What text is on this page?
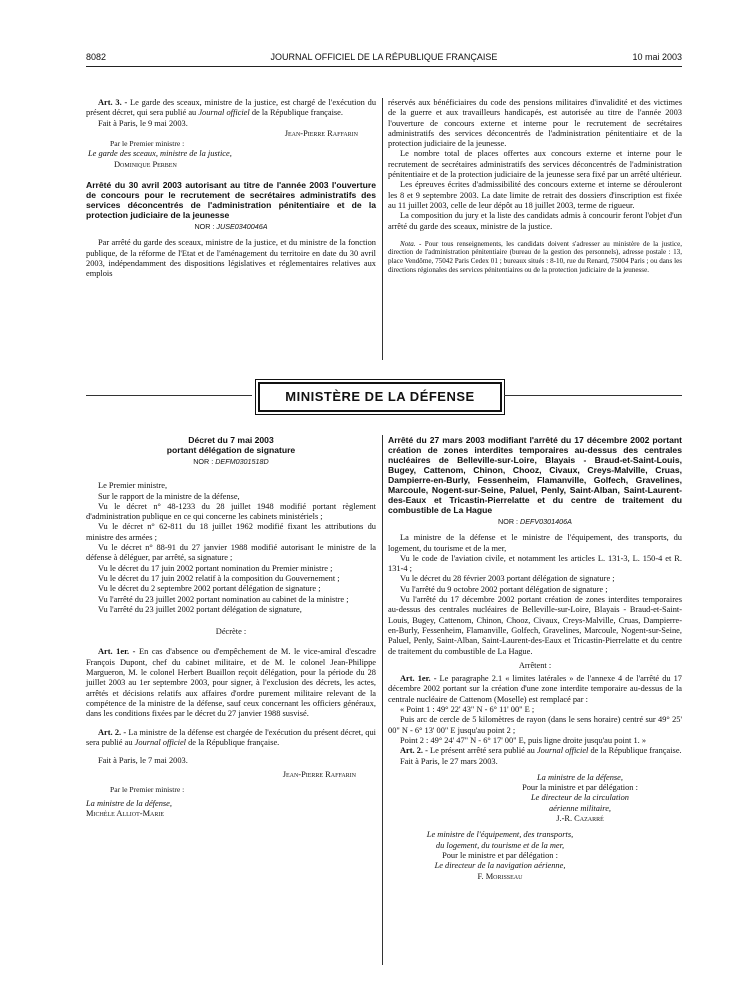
8082	JOURNAL OFFICIEL DE LA RÉPUBLIQUE FRANÇAISE	10 mai 2003

Art. 3. - Le garde des sceaux, ministre de la justice, est chargé de l'exécution du présent décret, qui sera publié au Journal officiel de la République française.

Fait à Paris, le 9 mai 2003.

Jean-Pierre Raffarin

Par le Premier ministre :

Le garde des sceaux, ministre de la justice,

Dominique Perben

Arrêté du 30 avril 2003 autorisant au titre de l'année 2003 l'ouverture de concours pour le recrutement de secrétaires administratifs des services déconcentrés de l'administration pénitentiaire et de la protection judiciaire de la jeunesse
NOR : JUSE0340046A

Par arrêté du garde des sceaux, ministre de la justice, et du ministre de la fonction publique, de la réforme de l'Etat et de l'aménagement du territoire en date du 30 avril 2003, indépendamment des dispositions législatives et réglementaires relatives aux emplois

réservés aux bénéficiaires du code des pensions militaires d'invalidité et des victimes de la guerre et aux travailleurs handicapés, est autorisée au titre de l'année 2003 l'ouverture de concours externe et interne pour le recrutement de secrétaires administratifs des services déconcentrés de l'administration pénitentiaire et de la protection judiciaire de la jeunesse.

Le nombre total de places offertes aux concours externe et interne pour le recrutement de secrétaires administratifs des services déconcentrés de l'administration pénitentiaire et de la protection judiciaire de la jeunesse sera fixé par un arrêté ultérieur.

Les épreuves écrites d'admissibilité des concours externe et interne se dérouleront les 8 et 9 septembre 2003. La date limite de retrait des dossiers d'inscription est fixée au 11 juillet 2003, celle de leur dépôt au 18 juillet 2003, terme de rigueur.

La composition du jury et la liste des candidats admis à concourir feront l'objet d'un arrêté du garde des sceaux, ministre de la justice.

Nota. - Pour tous renseignements, les candidats doivent s'adresser au ministère de la justice, direction de l'administration pénitentiaire (bureau de la gestion des personnels), adresse postale : 13, place Vendôme, 75042 Paris Cedex 01 ; bureaux situés : 8-10, rue du Renard, 75004 Paris ; ou dans les directions régionales des services pénitentiaires ou de la protection judiciaire de la jeunesse.

MINISTÈRE DE LA DÉFENSE
Décret du 7 mai 2003
portant délégation de signature
NOR : DEFM0301518D

Le Premier ministre,

Sur le rapport de la ministre de la défense,

Vu le décret n° 48-1233 du 28 juillet 1948 modifié portant règlement d'administration publique en ce qui concerne les cabinets ministériels ;

Vu le décret n° 62-811 du 18 juillet 1962 modifié fixant les attributions du ministre des armées ;

Vu le décret n° 88-91 du 27 janvier 1988 modifié autorisant le ministre de la défense à déléguer, par arrêté, sa signature ;

Vu le décret du 17 juin 2002 portant nomination du Premier ministre ;

Vu le décret du 17 juin 2002 relatif à la composition du Gouvernement ;

Vu le décret du 2 septembre 2002 portant délégation de signature ;

Vu l'arrêté du 23 juillet 2002 portant nomination au cabinet de la ministre ;

Vu l'arrêté du 23 juillet 2002 portant délégation de signature,

Décrète :

Art. 1er. - En cas d'absence ou d'empêchement de M. le vice-amiral d'escadre François Dupont, chef du cabinet militaire, et de M. le colonel Jean-Philippe Margueron, M. le colonel Herbert Buaillon reçoit délégation, pour la période du 28 juillet 2003 au 1er septembre 2003, pour signer, à l'exclusion des décrets, les actes, arrêtés et décisions relatifs aux affaires d'ordre purement militaire relevant de la compétence de la ministre de la défense, sauf ceux concernant les officiers généraux, dans les conditions fixées par le décret du 27 janvier 1988 susvisé.

Art. 2. - La ministre de la défense est chargée de l'exécution du présent décret, qui sera publié au Journal officiel de la République française.

Fait à Paris, le 7 mai 2003.

Jean-Pierre Raffarin

Par le Premier ministre :

La ministre de la défense,

Michèle Alliot-Marie

Arrêté du 27 mars 2003 modifiant l'arrêté du 17 décembre 2002 portant création de zones interdites temporaires au-dessus des centrales nucléaires de Belleville-sur-Loire, Blayais - Braud-et-Saint-Louis, Bugey, Cattenom, Chinon, Chooz, Civaux, Creys-Malville, Cruas, Dampierre-en-Burly, Fessenheim, Flamanville, Golfech, Gravelines, Marcoule, Nogent-sur-Seine, Paluel, Penly, Saint-Alban, Saint-Laurent-des-Eaux et Tricastin-Pierrelatte et du centre de traitement du combustible de La Hague
NOR : DEFV0301406A

La ministre de la défense et le ministre de l'équipement, des transports, du logement, du tourisme et de la mer,

Vu le code de l'aviation civile, et notamment les articles L. 131-3, L. 150-4 et R. 131-4 ;

Vu le décret du 28 février 2003 portant délégation de signature ;

Vu l'arrêté du 9 octobre 2002 portant délégation de signature ;

Vu l'arrêté du 17 décembre 2002 portant création de zones interdites temporaires au-dessus des centrales nucléaires de Belleville-sur-Loire, Blayais - Braud-et-Saint-Louis, Bugey, Cattenom, Chinon, Chooz, Civaux, Creys-Malville, Cruas, Dampierre-en-Burly, Fessenheim, Flamanville, Golfech, Gravelines, Marcoule, Nogent-sur-Seine, Paluel, Penly, Saint-Alban, Saint-Laurent-des-Eaux et Tricastin-Pierrelatte et du centre de traitement du combustible de La Hague.

Arrêtent :

Art. 1er. - Le paragraphe 2.1 « limites latérales » de l'annexe 4 de l'arrêté du 17 décembre 2002 portant sur la création d'une zone interdite temporaire au-dessus de la centrale nucléaire de Cattenom (Moselle) est remplacé par :

« Point 1 : 49° 22' 43" N - 6° 11' 00" E ;

Puis arc de cercle de 5 kilomètres de rayon (dans le sens horaire) centré sur 49° 25' 00" N - 6° 13' 00" E jusqu'au point 2 ;

Point 2 : 49° 24' 47" N - 6° 17' 00" E, puis ligne droite jusqu'au point 1. »

Art. 2. - Le présent arrêté sera publié au Journal officiel de la République française.

Fait à Paris, le 27 mars 2003.

La ministre de la défense,
Pour la ministre et par délégation :
Le directeur de la circulation
aérienne militaire,
J.-R. Cazarré
Le ministre de l'équipement, des transports,
du logement, du tourisme et de la mer,
Pour le ministre et par délégation :
Le directeur de la navigation aérienne,
F. Morisseau
